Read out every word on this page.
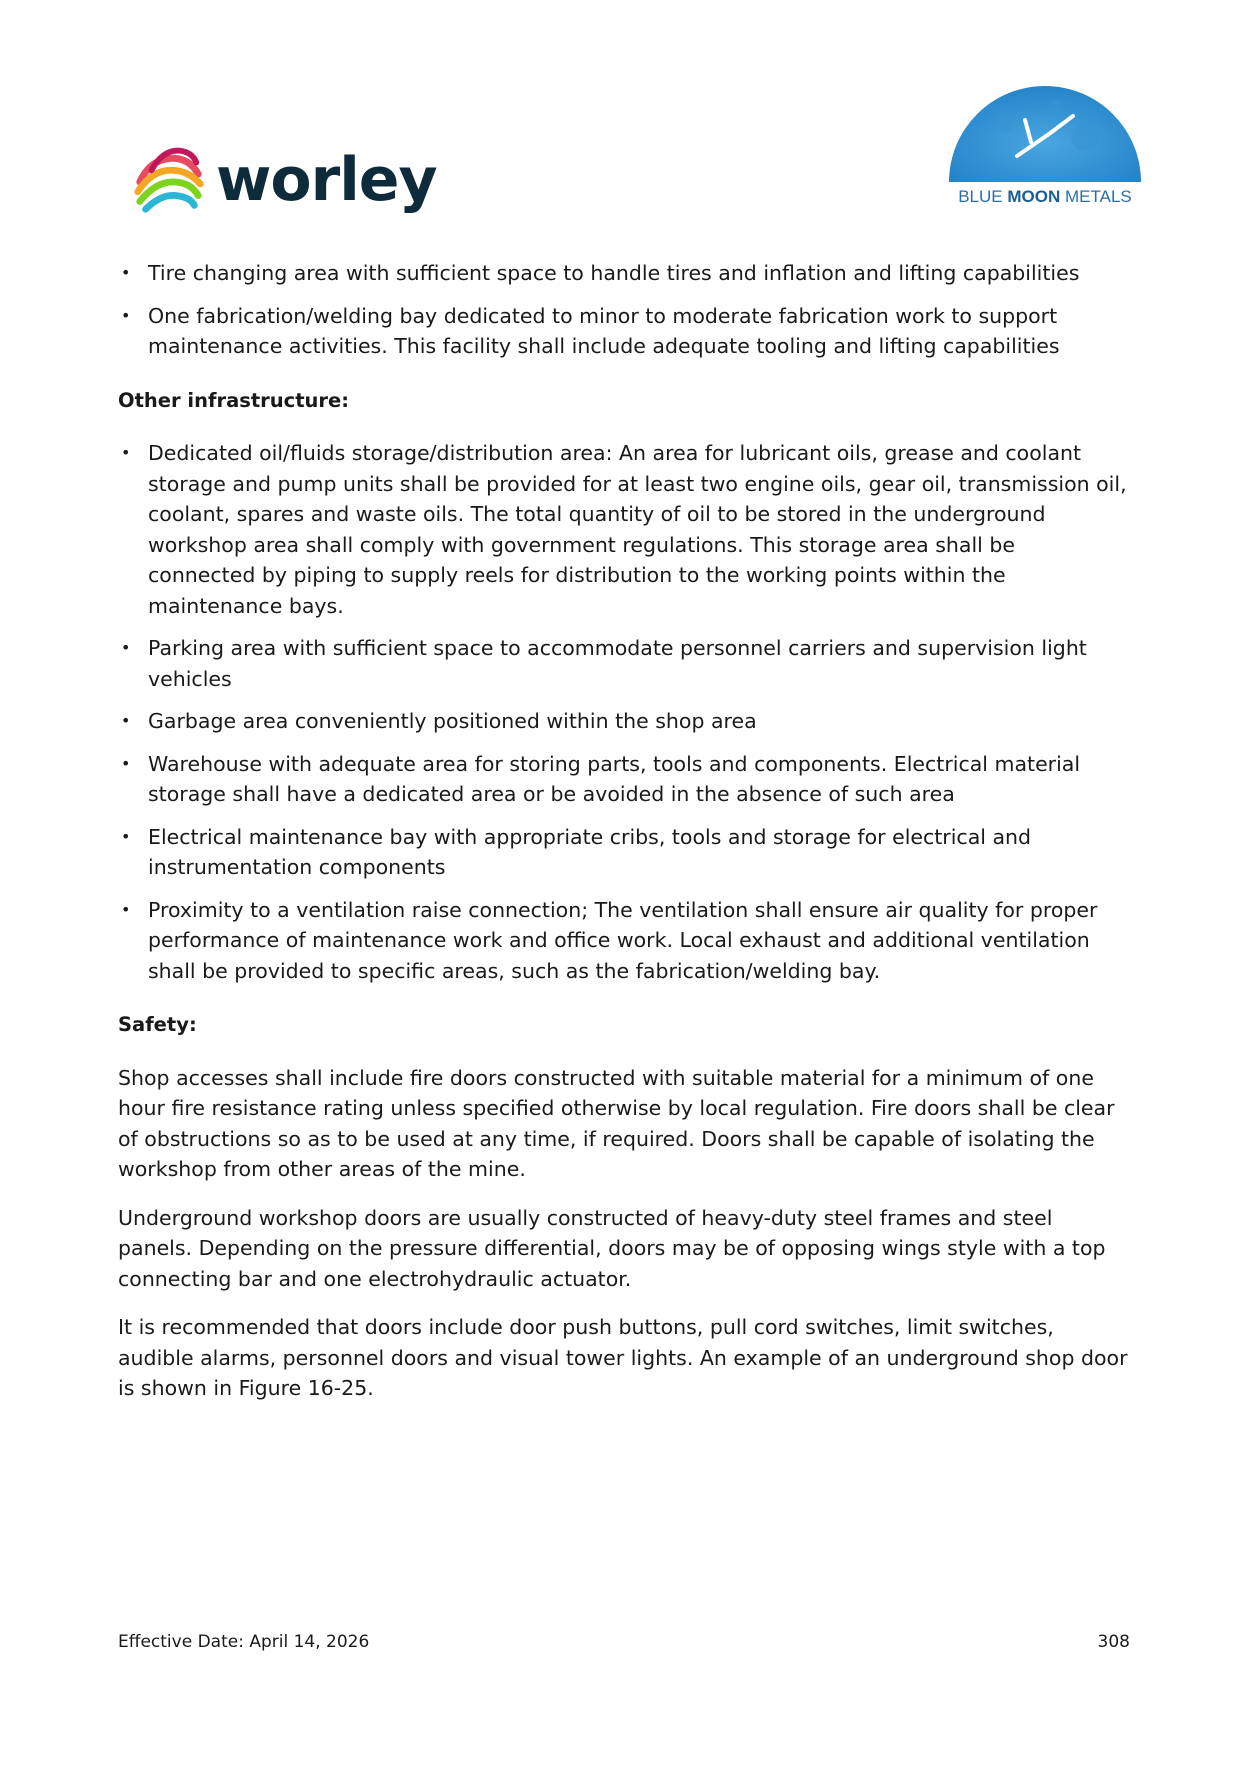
worley	BLUE MOON METALS
• Tire changing area with sufficient space to handle tires and inflation and lifting capabilities
• One fabrication/welding bay dedicated to minor to moderate fabrication work to support maintenance activities. This facility shall include adequate tooling and lifting capabilities
Other infrastructure:
• Dedicated oil/fluids storage/distribution area: An area for lubricant oils, grease and coolant storage and pump units shall be provided for at least two engine oils, gear oil, transmission oil, coolant, spares and waste oils. The total quantity of oil to be stored in the underground workshop area shall comply with government regulations. This storage area shall be connected by piping to supply reels for distribution to the working points within the maintenance bays.
• Parking area with sufficient space to accommodate personnel carriers and supervision light vehicles
• Garbage area conveniently positioned within the shop area
• Warehouse with adequate area for storing parts, tools and components. Electrical material storage shall have a dedicated area or be avoided in the absence of such area
• Electrical maintenance bay with appropriate cribs, tools and storage for electrical and instrumentation components
• Proximity to a ventilation raise connection; The ventilation shall ensure air quality for proper performance of maintenance work and office work. Local exhaust and additional ventilation shall be provided to specific areas, such as the fabrication/welding bay.
Safety:

Shop accesses shall include fire doors constructed with suitable material for a minimum of one hour fire resistance rating unless specified otherwise by local regulation. Fire doors shall be clear of obstructions so as to be used at any time, if required. Doors shall be capable of isolating the workshop from other areas of the mine.

Underground workshop doors are usually constructed of heavy-duty steel frames and steel panels. Depending on the pressure differential, doors may be of opposing wings style with a top connecting bar and one electrohydraulic actuator.

It is recommended that doors include door push buttons, pull cord switches, limit switches, audible alarms, personnel doors and visual tower lights. An example of an underground shop door is shown in Figure 16-25.

Effective Date: April 14, 2026	308
